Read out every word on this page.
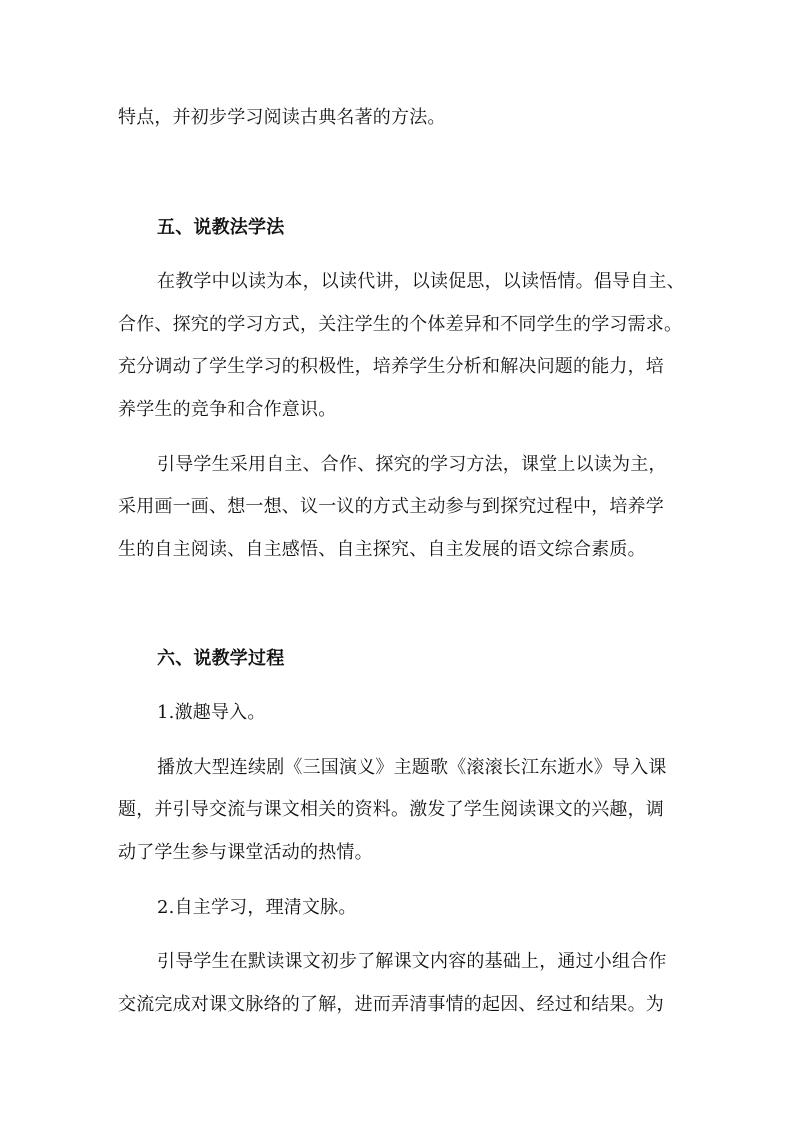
特点，并初步学习阅读古典名著的方法。
五、说教法学法
在教学中以读为本，以读代讲，以读促思，以读悟情。倡导自主、
合作、探究的学习方式，关注学生的个体差异和不同学生的学习需求。
充分调动了学生学习的积极性，培养学生分析和解决问题的能力，培
养学生的竞争和合作意识。
引导学生采用自主、合作、探究的学习方法，课堂上以读为主，
采用画一画、想一想、议一议的方式主动参与到探究过程中，培养学
生的自主阅读、自主感悟、自主探究、自主发展的语文综合素质。
六、说教学过程
1.激趣导入。
播放大型连续剧《三国演义》主题歌《滚滚长江东逝水》导入课
题，并引导交流与课文相关的资料。激发了学生阅读课文的兴趣，调
动了学生参与课堂活动的热情。
2.自主学习，理清文脉。
引导学生在默读课文初步了解课文内容的基础上，通过小组合作
交流完成对课文脉络的了解，进而弄清事情的起因、经过和结果。为
